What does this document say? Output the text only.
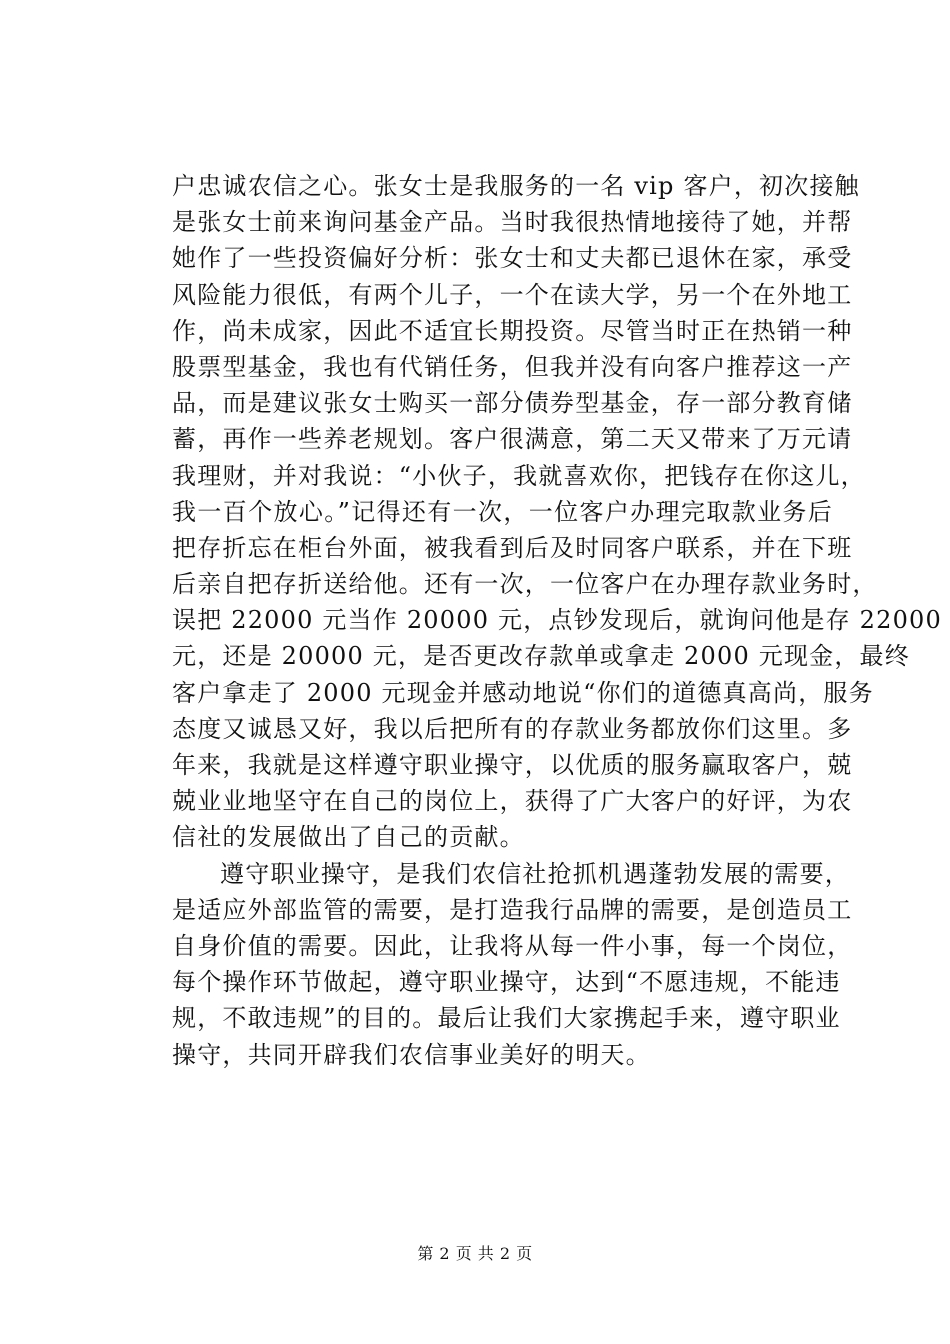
户忠诚农信之心。张女士是我服务的一名 vip 客户，初次接触
是张女士前来询问基金产品。当时我很热情地接待了她，并帮
她作了一些投资偏好分析：张女士和丈夫都已退休在家，承受
风险能力很低，有两个儿子，一个在读大学，另一个在外地工
作，尚未成家，因此不适宜长期投资。尽管当时正在热销一种
股票型基金，我也有代销任务，但我并没有向客户推荐这一产
品，而是建议张女士购买一部分债券型基金，存一部分教育储
蓄，再作一些养老规划。客户很满意，第二天又带来了万元请
我理财，并对我说：“小伙子，我就喜欢你，把钱存在你这儿，
我一百个放心。”记得还有一次，一位客户办理完取款业务后
把存折忘在柜台外面，被我看到后及时同客户联系，并在下班
后亲自把存折送给他。还有一次，一位客户在办理存款业务时，
误把 22000 元当作 20000 元，点钞发现后，就询问他是存 22000
元，还是 20000 元，是否更改存款单或拿走 2000 元现金，最终
客户拿走了 2000 元现金并感动地说“你们的道德真高尚，服务
态度又诚恳又好，我以后把所有的存款业务都放你们这里。多
年来，我就是这样遵守职业操守，以优质的服务赢取客户，兢
兢业业地坚守在自己的岗位上，获得了广大客户的好评，为农
信社的发展做出了自己的贡献。
遵守职业操守，是我们农信社抢抓机遇蓬勃发展的需要，
是适应外部监管的需要，是打造我行品牌的需要，是创造员工
自身价值的需要。因此，让我将从每一件小事，每一个岗位，
每个操作环节做起，遵守职业操守，达到“不愿违规，不能违
规，不敢违规”的目的。最后让我们大家携起手来，遵守职业
操守，共同开辟我们农信事业美好的明天。
第 2 页 共 2 页
